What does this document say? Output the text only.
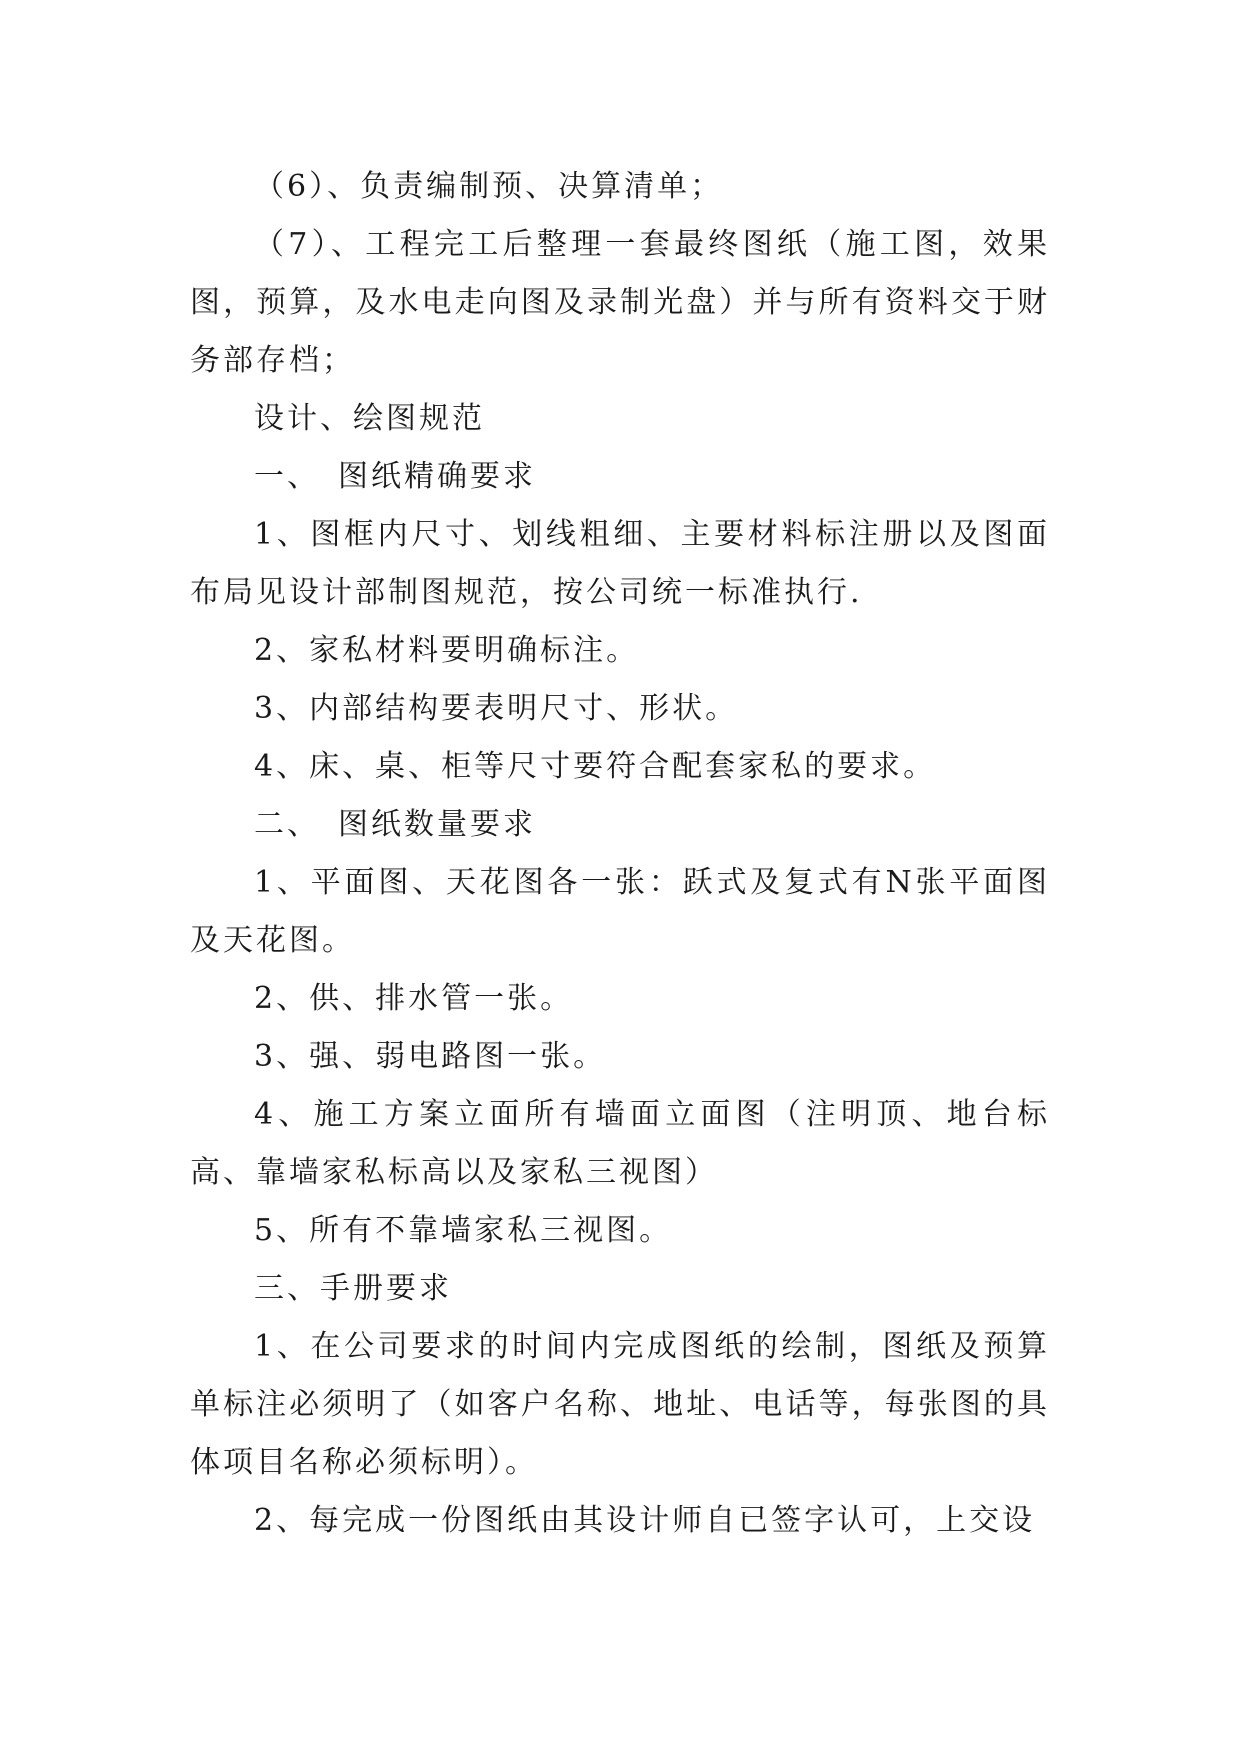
（6）、负责编制预、决算清单；

（7）、工程完工后整理一套最终图纸（施工图，效果图，预算，及水电走向图及录制光盘）并与所有资料交于财务部存档；

设计、绘图规范

一、　图纸精确要求

1、图框内尺寸、划线粗细、主要材料标注册以及图面布局见设计部制图规范，按公司统一标准执行.

2、家私材料要明确标注。

3、内部结构要表明尺寸、形状。

4、床、桌、柜等尺寸要符合配套家私的要求。

二、　图纸数量要求

1、平面图、天花图各一张：跃式及复式有N张平面图及天花图。

2、供、排水管一张。

3、强、弱电路图一张。

4、施工方案立面所有墙面立面图（注明顶、地台标高、靠墙家私标高以及家私三视图）

5、所有不靠墙家私三视图。

三、手册要求

1、在公司要求的时间内完成图纸的绘制，图纸及预算单标注必须明了（如客户名称、地址、电话等，每张图的具体项目名称必须标明）。

2、每完成一份图纸由其设计师自已签字认可，上交设
